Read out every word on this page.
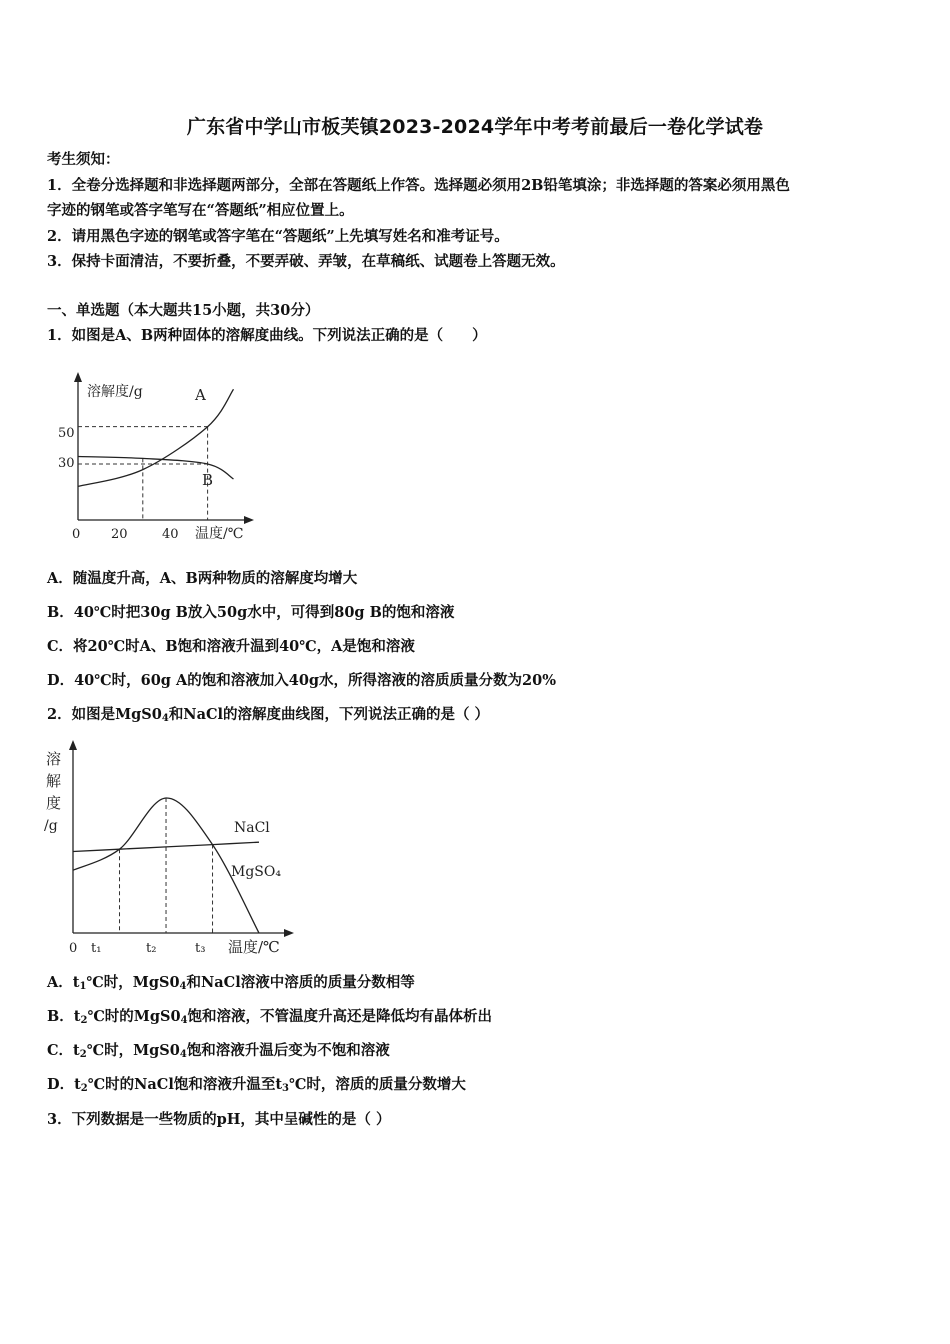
广东省中学山市板芙镇2023-2024学年中考考前最后一卷化学试卷
考生须知：
1．全卷分选择题和非选择题两部分，全部在答题纸上作答。选择题必须用2B铅笔填涂；非选择题的答案必须用黑色
字迹的钢笔或答字笔写在“答题纸”相应位置上。
2．请用黑色字迹的钢笔或答字笔在“答题纸”上先填写姓名和准考证号。
3．保持卡面清洁，不要折叠，不要弄破、弄皱，在草稿纸、试题卷上答题无效。
一、单选题（本大题共15小题，共30分）
1．如图是A、B两种固体的溶解度曲线。下列说法正确的是（　　）
溶解度/g	A
B
30
50
0 20	40 温度/℃
A．随温度升高，A、B两种物质的溶解度均增大
B．40℃时把30g B放入50g水中，可得到80g B的饱和溶液
C．将20℃时A、B饱和溶液升温到40℃，A是饱和溶液
D．40℃时，60g A的饱和溶液加入40g水，所得溶液的溶质质量分数为20%
2．如图是$MgS0_4$和NaCl的溶解度曲线图，下列说法正确的是（ ）
溶
解
度
/g	NaCl
MgSO₄
0 t₁	t₂	t₃ 温度/℃
A．$t_1℃$时，$MgS0_4$和NaCl溶液中溶质的质量分数相等
B．$t_2℃$时的$MgS0_4$饱和溶液，不管温度升高还是降低均有晶体析出
C．$t_2℃$时，$MgS0_4$饱和溶液升温后变为不饱和溶液
D．$t_2℃$时的NaCl饱和溶液升温至$t_3℃$时，溶质的质量分数增大
3．下列数据是一些物质的pH，其中呈碱性的是（ ）
